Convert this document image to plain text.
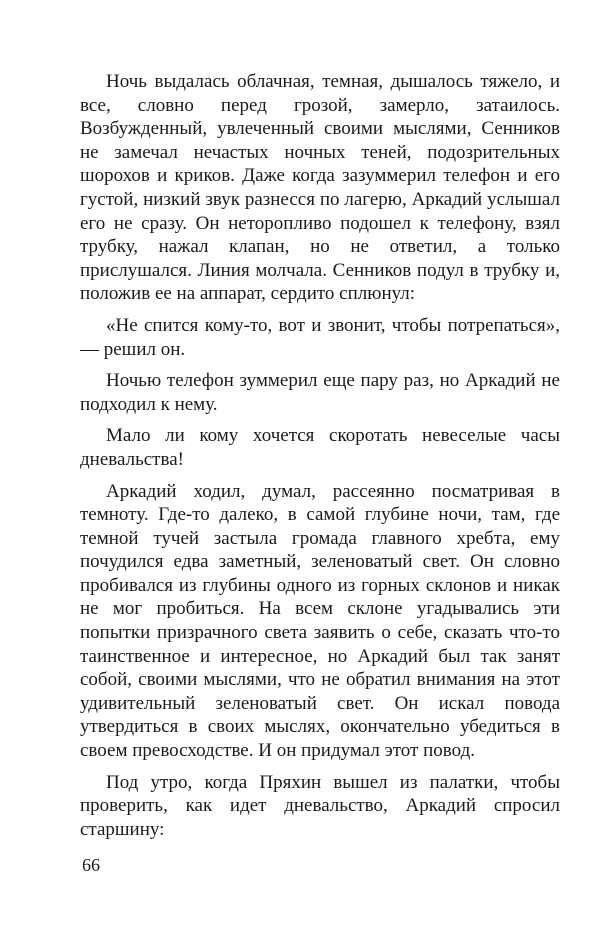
Ночь выдалась облачная, темная, дышалось тяжело, и все, словно перед грозой, замерло, затаилось. Возбужденный, увлеченный своими мыслями, Сенников не замечал нечастых ночных теней, подозрительных шорохов и криков. Даже когда зазуммерил телефон и его густой, низкий звук разнесся по лагерю, Аркадий услышал его не сразу. Он неторопливо подошел к телефону, взял трубку, нажал клапан, но не ответил, а только прислушался. Линия молчала. Сенников подул в трубку и, положив ее на аппарат, сердито сплюнул:

«Не спится кому-то, вот и звонит, чтобы потрепаться»,— решил он.

Ночью телефон зуммерил еще пару раз, но Аркадий не подходил к нему.

Мало ли кому хочется скоротать невеселые часы дневальства!

Аркадий ходил, думал, рассеянно посматривая в темноту. Где-то далеко, в самой глубине ночи, там, где темной тучей застыла громада главного хребта, ему почудился едва заметный, зеленоватый свет. Он словно пробивался из глубины одного из горных склонов и никак не мог пробиться. На всем склоне угадывались эти попытки призрачного света заявить о себе, сказать что-то таинственное и интересное, но Аркадий был так занят собой, своими мыслями, что не обратил внимания на этот удивительный зеленоватый свет. Он искал повода утвердиться в своих мыслях, окончательно убедиться в своем превосходстве. И он придумал этот повод.

Под утро, когда Пряхин вышел из палатки, чтобы проверить, как идет дневальство, Аркадий спросил старшину:

66
